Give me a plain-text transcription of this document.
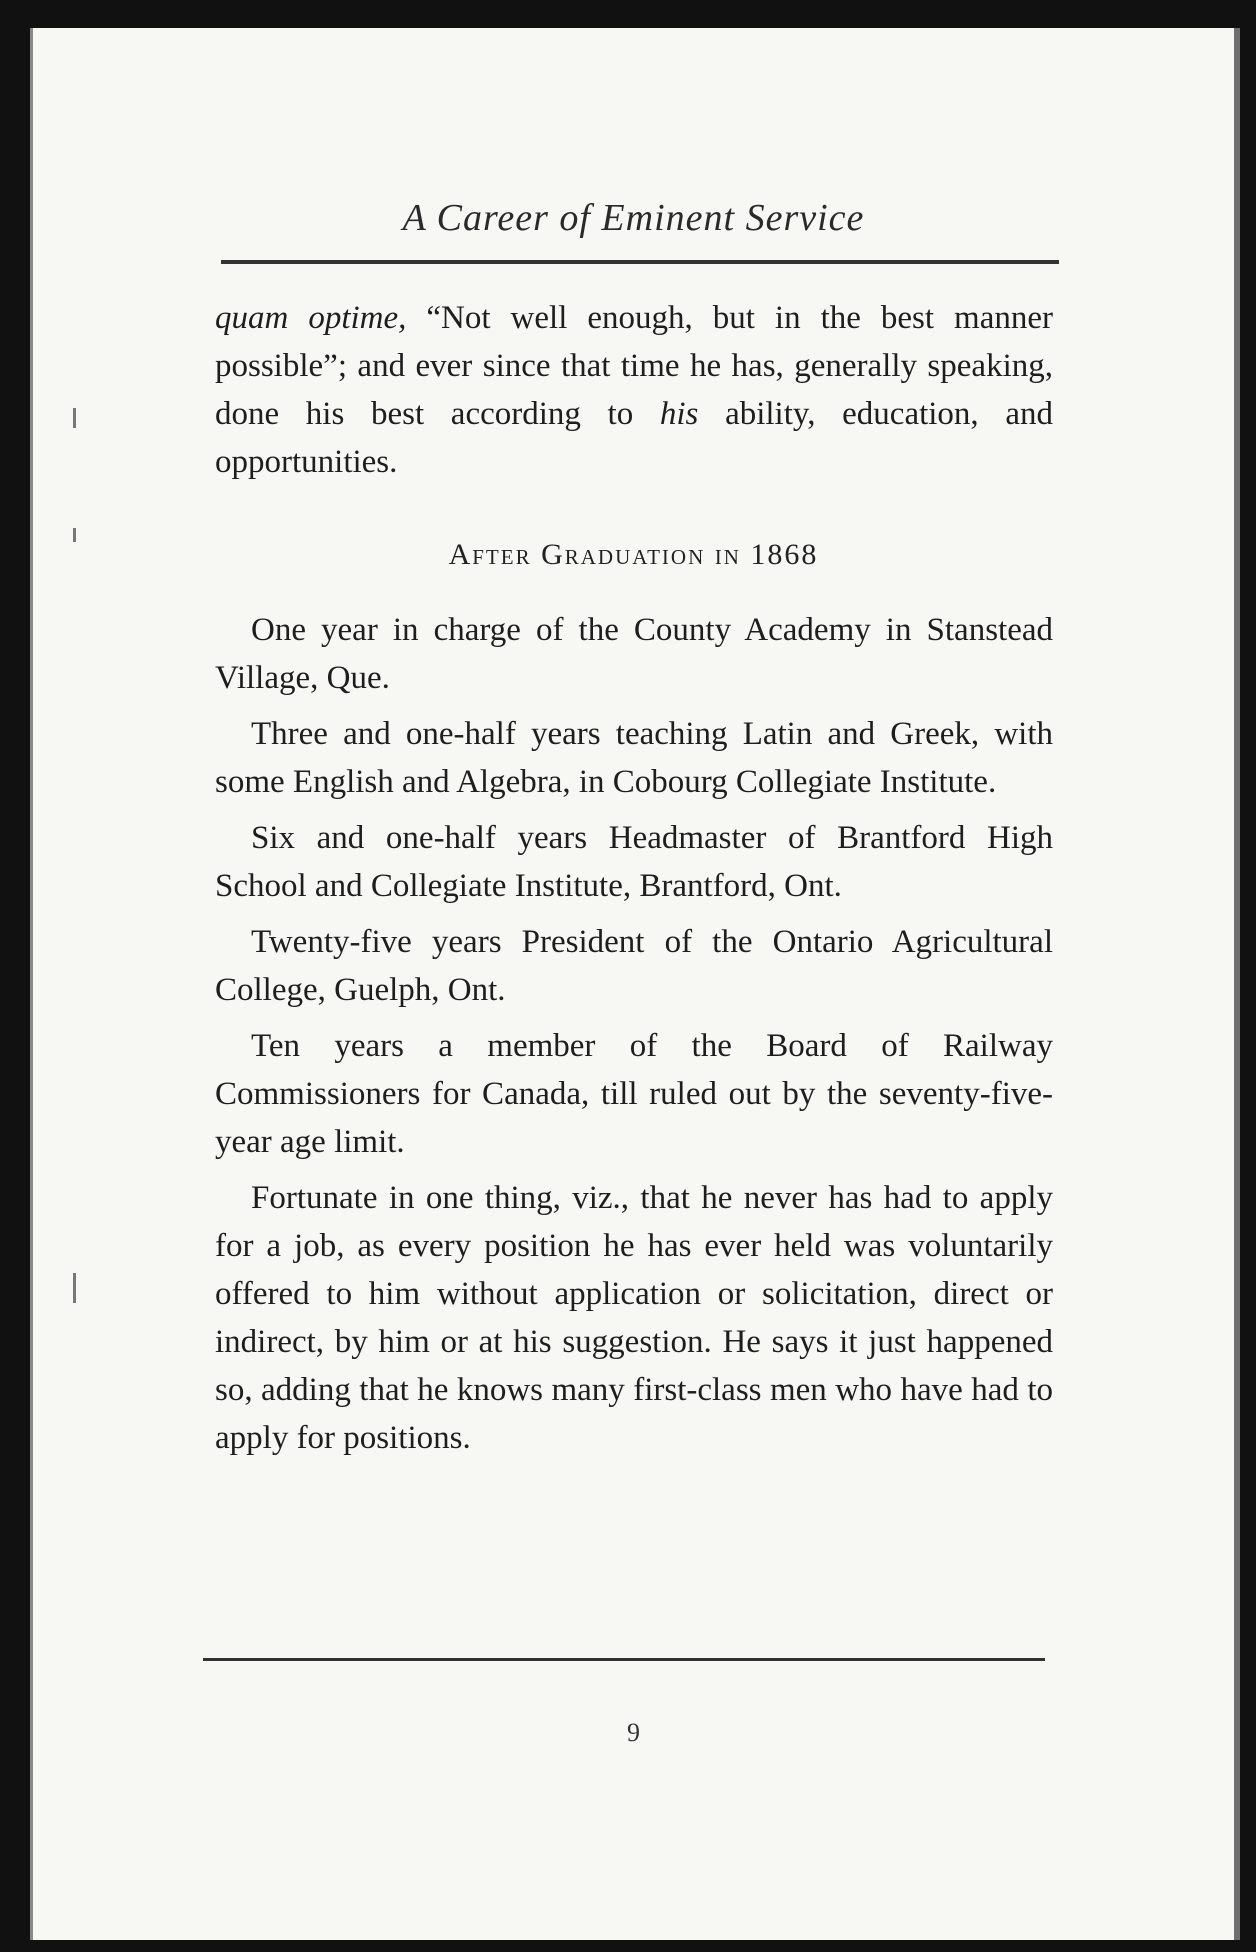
A Career of Eminent Service
quam optime, “Not well enough, but in the best manner possible”; and ever since that time he has, generally speaking, done his best according to his ability, education, and opportunities.
After Graduation in 1868

One year in charge of the County Academy in Stanstead Village, Que.

Three and one-half years teaching Latin and Greek, with some English and Algebra, in Cobourg Collegiate Institute.

Six and one-half years Headmaster of Brantford High School and Collegiate Institute, Brantford, Ont.

Twenty-five years President of the Ontario Agricultural College, Guelph, Ont.

Ten years a member of the Board of Railway Commissioners for Canada, till ruled out by the seventy-five-year age limit.

Fortunate in one thing, viz., that he never has had to apply for a job, as every position he has ever held was voluntarily offered to him without application or solicitation, direct or indirect, by him or at his suggestion. He says it just happened so, adding that he knows many first-class men who have had to apply for positions.

9
